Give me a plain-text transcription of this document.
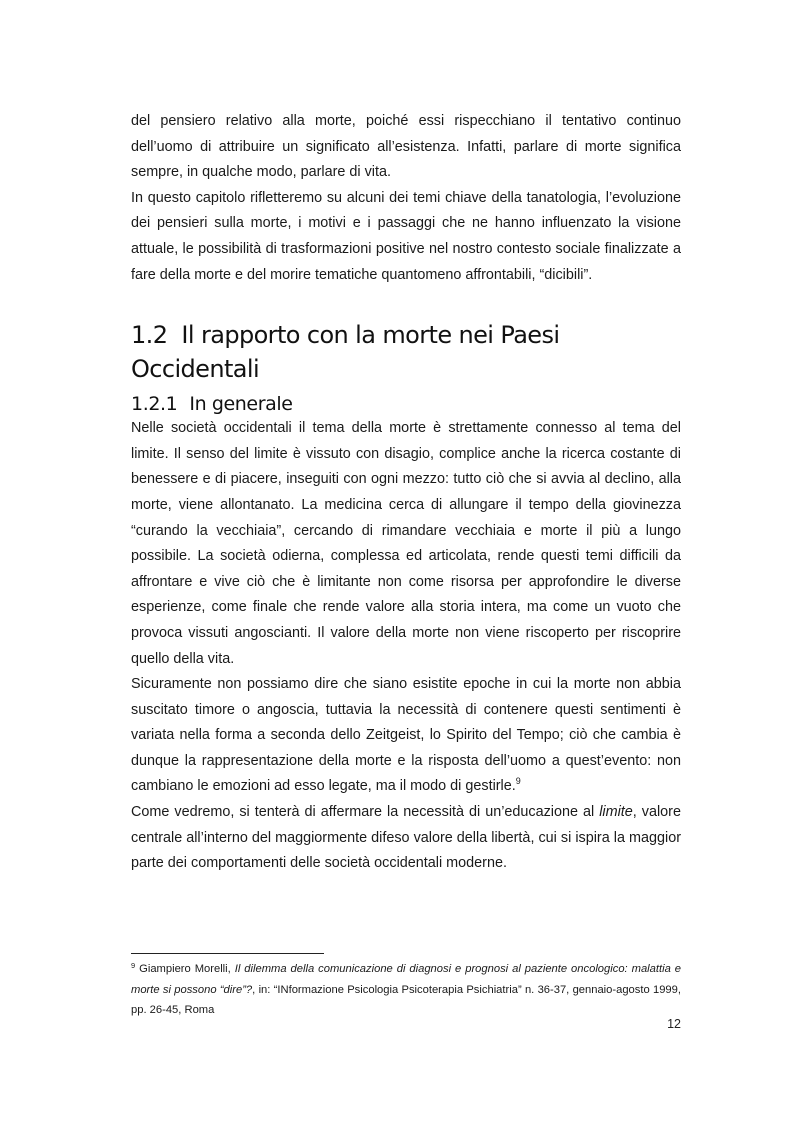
del pensiero relativo alla morte, poiché essi rispecchiano il tentativo continuo dell’uomo di attribuire un significato all’esistenza. Infatti, parlare di morte significa sempre, in qualche modo, parlare di vita.

In questo capitolo rifletteremo su alcuni dei temi chiave della tanatologia, l’evoluzione dei pensieri sulla morte, i motivi e i passaggi che ne hanno influenzato la visione attuale, le possibilità di trasformazioni positive nel nostro contesto sociale finalizzate a fare della morte e del morire tematiche quantomeno affrontabili, “dicibili”.

1.2 Il rapporto con la morte nei Paesi Occidentali
1.2.1 In generale

Nelle società occidentali il tema della morte è strettamente connesso al tema del limite. Il senso del limite è vissuto con disagio, complice anche la ricerca costante di benessere e di piacere, inseguiti con ogni mezzo: tutto ciò che si avvia al declino, alla morte, viene allontanato. La medicina cerca di allungare il tempo della giovinezza “curando la vecchiaia”, cercando di rimandare vecchiaia e morte il più a lungo possibile. La società odierna, complessa ed articolata, rende questi temi difficili da affrontare e vive ciò che è limitante non come risorsa per approfondire le diverse esperienze, come finale che rende valore alla storia intera, ma come un vuoto che provoca vissuti angoscianti. Il valore della morte non viene riscoperto per riscoprire quello della vita.

Sicuramente non possiamo dire che siano esistite epoche in cui la morte non abbia suscitato timore o angoscia, tuttavia la necessità di contenere questi sentimenti è variata nella forma a seconda dello Zeitgeist, lo Spirito del Tempo; ciò che cambia è dunque la rappresentazione della morte e la risposta dell’uomo a quest’evento: non cambiano le emozioni ad esso legate, ma il modo di gestirle.$^9$

Come vedremo, si tenterà di affermare la necessità di un’educazione al limite, valore centrale all’interno del maggiormente difeso valore della libertà, cui si ispira la maggior parte dei comportamenti delle società occidentali moderne.

$^9$ Giampiero Morelli, Il dilemma della comunicazione di diagnosi e prognosi al paziente oncologico: malattia e morte si possono “dire”?, in: “INformazione Psicologia Psicoterapia Psichiatria” n. 36-37, gennaio-agosto 1999, pp. 26-45, Roma
12
